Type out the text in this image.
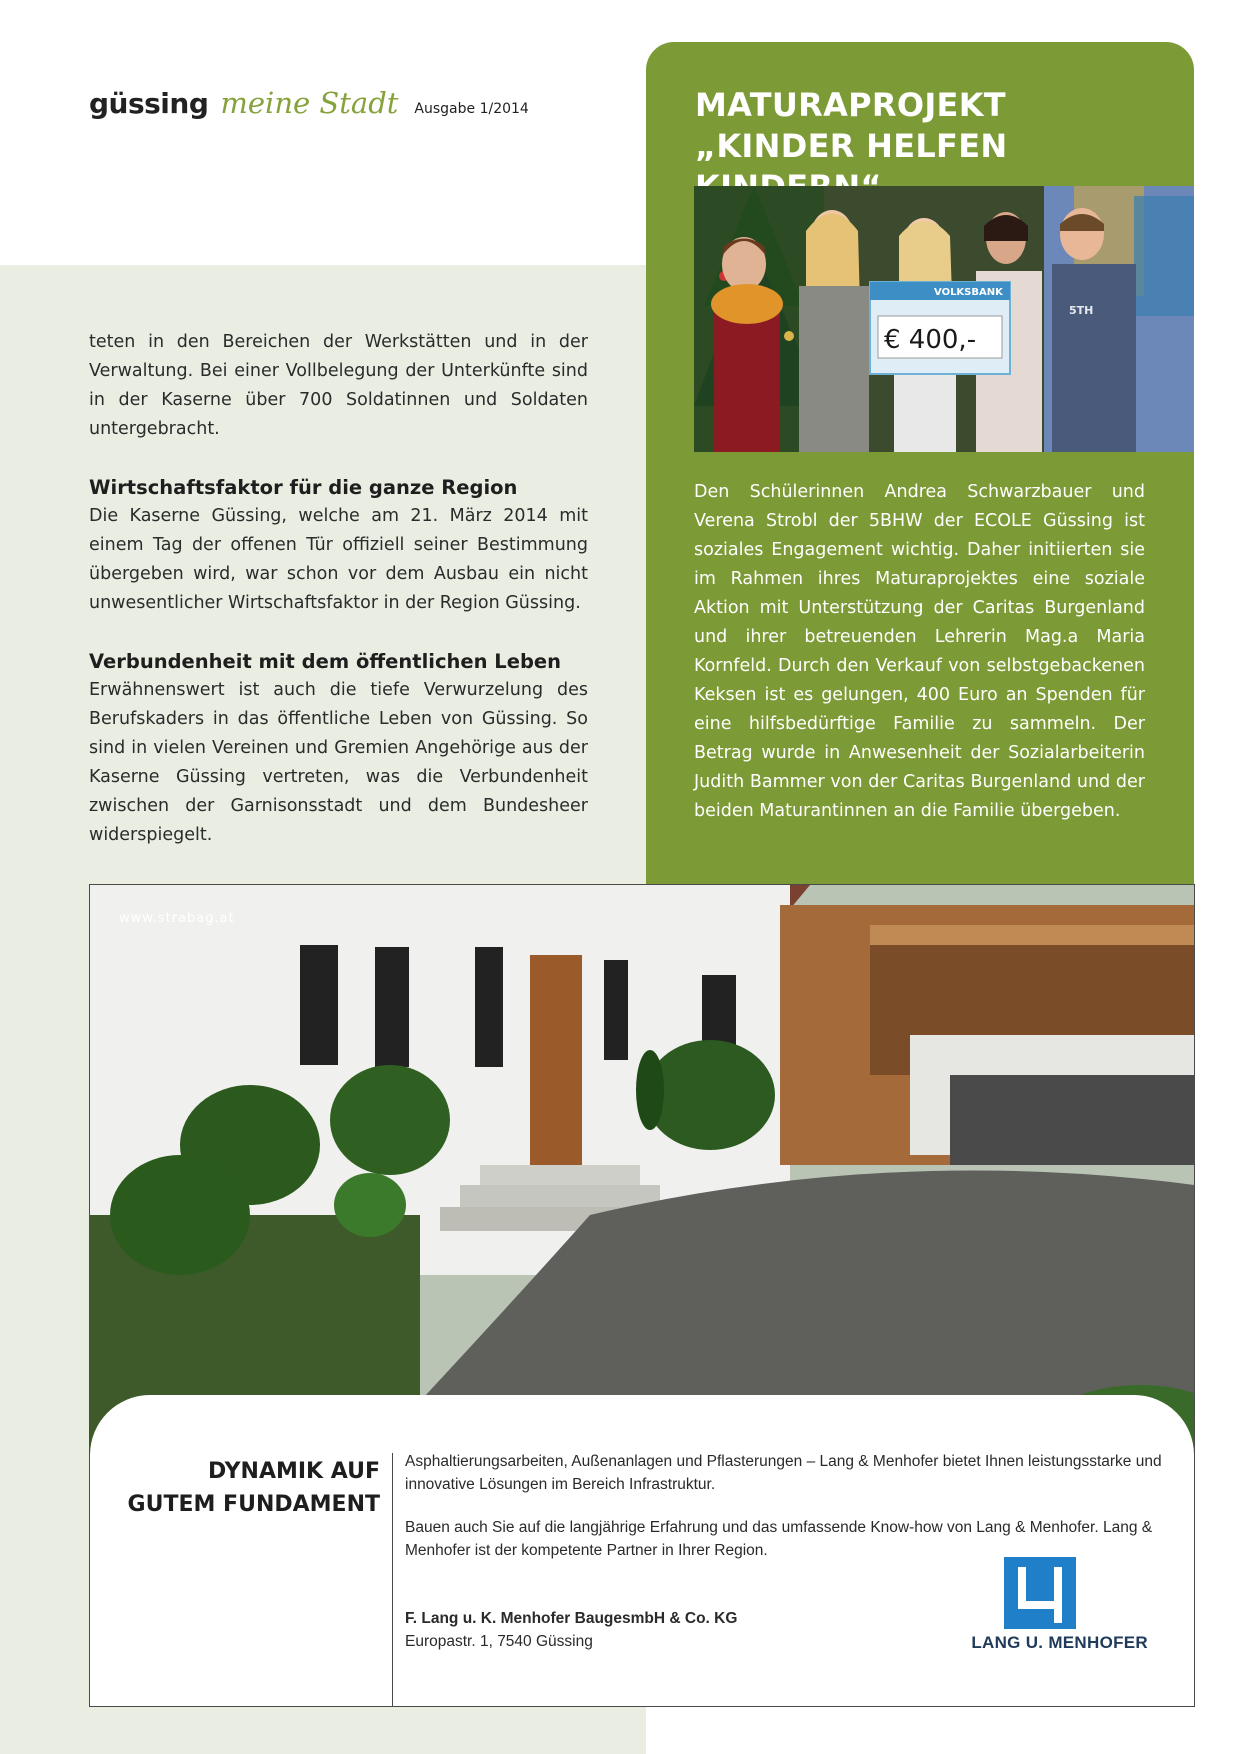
güssing meine Stadt Ausgabe 1/2014

teten in den Bereichen der Werkstätten und in der Verwaltung. Bei einer Vollbelegung der Unterkünfte sind in der Kaserne über 700 Soldatinnen und Soldaten untergebracht.

Wirtschaftsfaktor für die ganze Region

Die Kaserne Güssing, welche am 21. März 2014 mit einem Tag der offenen Tür offiziell seiner Bestimmung übergeben wird, war schon vor dem Ausbau ein nicht unwesentlicher Wirtschaftsfaktor in der Region Güssing.

Verbundenheit mit dem öffentlichen Leben

Erwähnenswert ist auch die tiefe Verwurzelung des Berufskaders in das öffentliche Leben von Güssing. So sind in vielen Vereinen und Gremien Angehörige aus der Kaserne Güssing vertreten, was die Verbundenheit zwischen der Garnisonsstadt und dem Bundesheer widerspiegelt.

MATURAPROJEKT
„KINDER HELFEN
5TH
VOLKSBANK
€ 400,-

Den Schülerinnen Andrea Schwarzbauer und Verena Strobl der 5BHW der ECOLE Güssing ist soziales Engagement wichtig. Daher initiierten sie im Rahmen ihres Maturaprojektes eine soziale Aktion mit Unterstützung der Caritas Burgenland und ihrer betreuenden Lehrerin Mag.a Maria Kornfeld. Durch den Verkauf von selbstgebackenen Keksen ist es gelungen, 400 Euro an Spenden für eine hilfsbedürftige Familie zu sammeln. Der Betrag wurde in Anwesenheit der Sozialarbeiterin Judith Bammer von der Caritas Burgenland und der beiden Maturantinnen an die Familie übergeben.

www.strabag.at
DYNAMIK AUF
GUTEM FUNDAMENT

Asphaltierungsarbeiten, Außenanlagen und Pflasterungen – Lang & Menhofer bietet Ihnen leistungsstarke und innovative Lösungen im Bereich Infrastruktur.

Bauen auch Sie auf die langjährige Erfahrung und das umfassende Know-how von Lang & Menhofer. Lang & Menhofer ist der kompetente Partner in Ihrer Region.

F. Lang u. K. Menhofer BaugesmbH & Co. KG
Europastr. 1, 7540 Güssing	LANG U. MENHOFER
